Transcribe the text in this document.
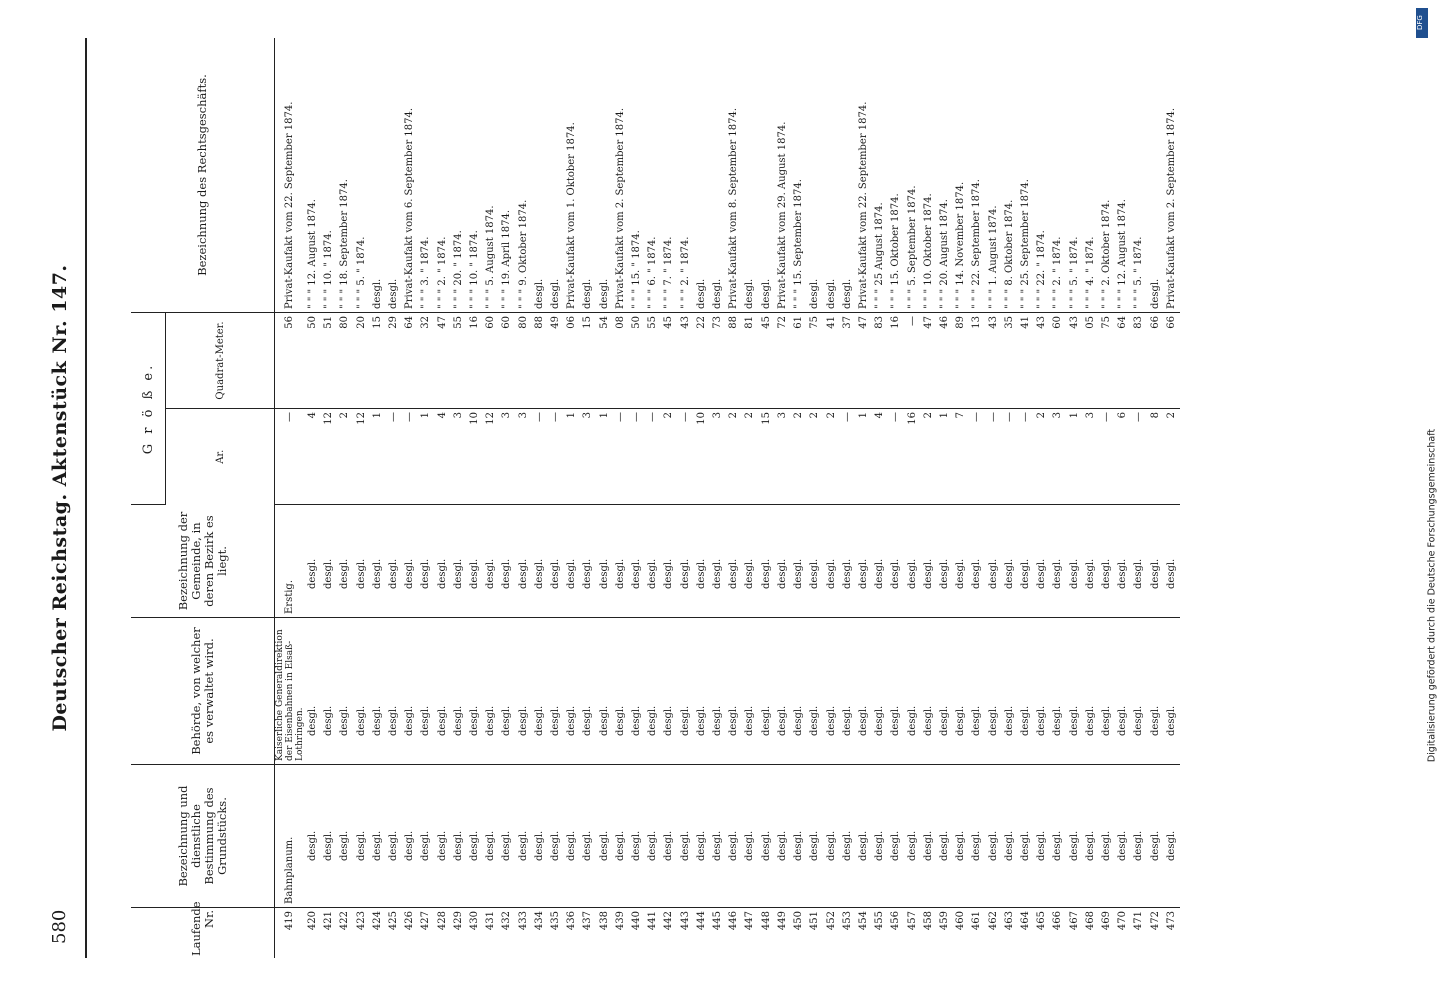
580
Deutscher Reichstag. Aktenstück Nr. 147.
Laufende Nr.	Bezeichnung und dienstliche Bestimmung des Grundstücks.	Behörde, von welcher es verwaltet wird.	Bezeichnung der Gemeinde, in deren Bezirk es liegt.	G r ö ß e.		Bezeichnung des Rechtsgeschäfts.
				Ar.	Quadrat-Meter.	
419	Bahnplanum.	Kaiserliche Generaldirektion der Eisenbahnen in Elsaß-Lothringen.	Erstig.	—	56	Privat-Kaufakt vom 22. September 1874.
420	desgl.	desgl.	desgl.	4	50	" " " 12. August 1874.
421	desgl.	desgl.	desgl.	12	51	" " " 10. " 1874.
422	desgl.	desgl.	desgl.	2	80	" " " 18. September 1874.
423	desgl.	desgl.	desgl.	12	20	" " " 5. " 1874.
424	desgl.	desgl.	desgl.	1	15	desgl.
425	desgl.	desgl.	desgl.	—	29	desgl.
426	desgl.	desgl.	desgl.	—	64	Privat-Kaufakt vom 6. September 1874.
427	desgl.	desgl.	desgl.	1	32	" " " 3. " 1874.
428	desgl.	desgl.	desgl.	4	47	" " " 2. " 1874.
429	desgl.	desgl.	desgl.	3	55	" " " 20. " 1874.
430	desgl.	desgl.	desgl.	10	16	" " " 10. " 1874.
431	desgl.	desgl.	desgl.	12	60	" " " 5. August 1874.
432	desgl.	desgl.	desgl.	3	60	" " " 19. April 1874.
433	desgl.	desgl.	desgl.	3	80	" " " 9. Oktober 1874.
434	desgl.	desgl.	desgl.	—	88	desgl.
435	desgl.	desgl.	desgl.	—	49	desgl.
436	desgl.	desgl.	desgl.	1	06	Privat-Kaufakt vom 1. Oktober 1874.
437	desgl.	desgl.	desgl.	3	15	desgl.
438	desgl.	desgl.	desgl.	1	54	desgl.
439	desgl.	desgl.	desgl.	—	08	Privat-Kaufakt vom 2. September 1874.
440	desgl.	desgl.	desgl.	—	50	" " " 15. " 1874.
441	desgl.	desgl.	desgl.	—	55	" " " 6. " 1874.
442	desgl.	desgl.	desgl.	2	45	" " " 7. " 1874.
443	desgl.	desgl.	desgl.	—	43	" " " 2. " 1874.
444	desgl.	desgl.	desgl.	10	22	desgl.
445	desgl.	desgl.	desgl.	3	73	desgl.
446	desgl.	desgl.	desgl.	2	88	Privat-Kaufakt vom 8. September 1874.
447	desgl.	desgl.	desgl.	2	81	desgl.
448	desgl.	desgl.	desgl.	15	45	desgl.
449	desgl.	desgl.	desgl.	3	72	Privat-Kaufakt vom 29. August 1874.
450	desgl.	desgl.	desgl.	2	61	" " " 15. September 1874.
451	desgl.	desgl.	desgl.	2	75	desgl.
452	desgl.	desgl.	desgl.	2	41	desgl.
453	desgl.	desgl.	desgl.	—	37	desgl.
454	desgl.	desgl.	desgl.	1	47	Privat-Kaufakt vom 22. September 1874.
455	desgl.	desgl.	desgl.	4	83	" " " 25 August 1874.
456	desgl.	desgl.	desgl.	—	16	" " " 15. Oktober 1874.
457	desgl.	desgl.	desgl.	16	—	" " " 5. September 1874.
458	desgl.	desgl.	desgl.	2	47	" " " 10. Oktober 1874.
459	desgl.	desgl.	desgl.	1	46	" " " 20. August 1874.
460	desgl.	desgl.	desgl.	7	89	" " " 14. November 1874.
461	desgl.	desgl.	desgl.	—	13	" " " 22. September 1874.
462	desgl.	desgl.	desgl.	—	43	" " " 1. August 1874.
463	desgl.	desgl.	desgl.	—	35	" " " 8. Oktober 1874.
464	desgl.	desgl.	desgl.	—	41	" " " 25. September 1874.
465	desgl.	desgl.	desgl.	2	43	" " " 22. " 1874.
466	desgl.	desgl.	desgl.	3	60	" " " 2. " 1874.
467	desgl.	desgl.	desgl.	1	43	" " " 5. " 1874.
468	desgl.	desgl.	desgl.	3	05	" " " 4. " 1874.
469	desgl.	desgl.	desgl.	—	75	" " " 2. Oktober 1874.
470	desgl.	desgl.	desgl.	6	64	" " " 12. August 1874.
471	desgl.	desgl.	desgl.	—	83	" " " 5. " 1874.
472	desgl.	desgl.	desgl.	8	66	desgl.
473	desgl.	desgl.	desgl.	2	66	Privat-Kaufakt vom 2. September 1874.
DFG
Digitalisierung gefördert durch die Deutsche Forschungsgemeinschaft
